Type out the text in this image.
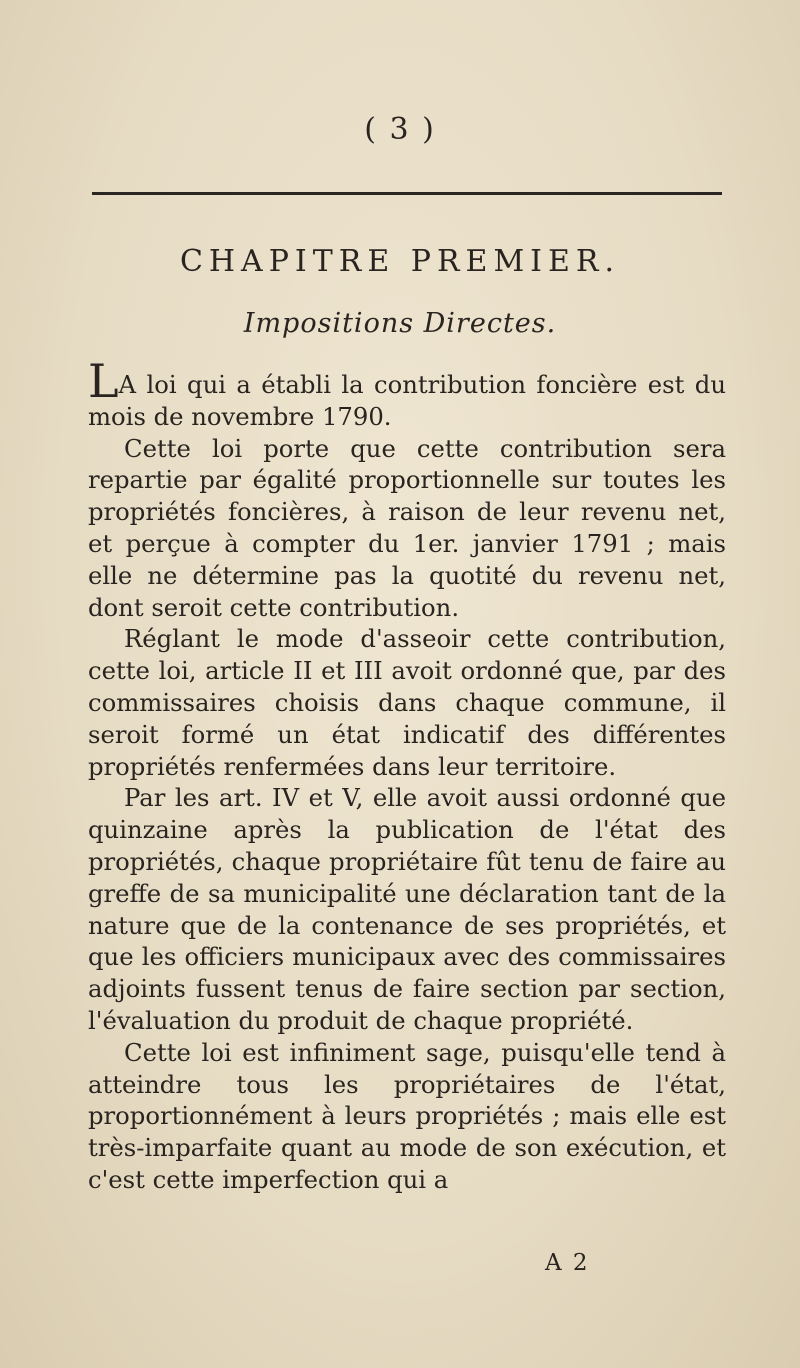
( 3 )
CHAPITRE PREMIER.
Impositions Directes.

LA loi qui a établi la contribution foncière est du mois de novembre 1790.

Cette loi porte que cette contribution sera repartie par égalité proportionnelle sur toutes les propriétés foncières, à raison de leur revenu net, et perçue à compter du 1er. janvier 1791 ; mais elle ne détermine pas la quotité du revenu net, dont seroit cette contribution.

Réglant le mode d'asseoir cette contribution, cette loi, article II et III avoit ordonné que, par des commissaires choisis dans chaque commune, il seroit formé un état indicatif des différentes propriétés renfermées dans leur territoire.

Par les art. IV et V, elle avoit aussi ordonné que quinzaine après la publication de l'état des propriétés, chaque propriétaire fût tenu de faire au greffe de sa municipalité une déclaration tant de la nature que de la contenance de ses propriétés, et que les officiers municipaux avec des commissaires adjoints fussent tenus de faire section par section, l'évaluation du produit de chaque propriété.

Cette loi est infiniment sage, puisqu'elle tend à atteindre tous les propriétaires de l'état, proportionnément à leurs propriétés ; mais elle est très-imparfaite quant au mode de son exécution, et c'est cette imperfection qui a

A 2
